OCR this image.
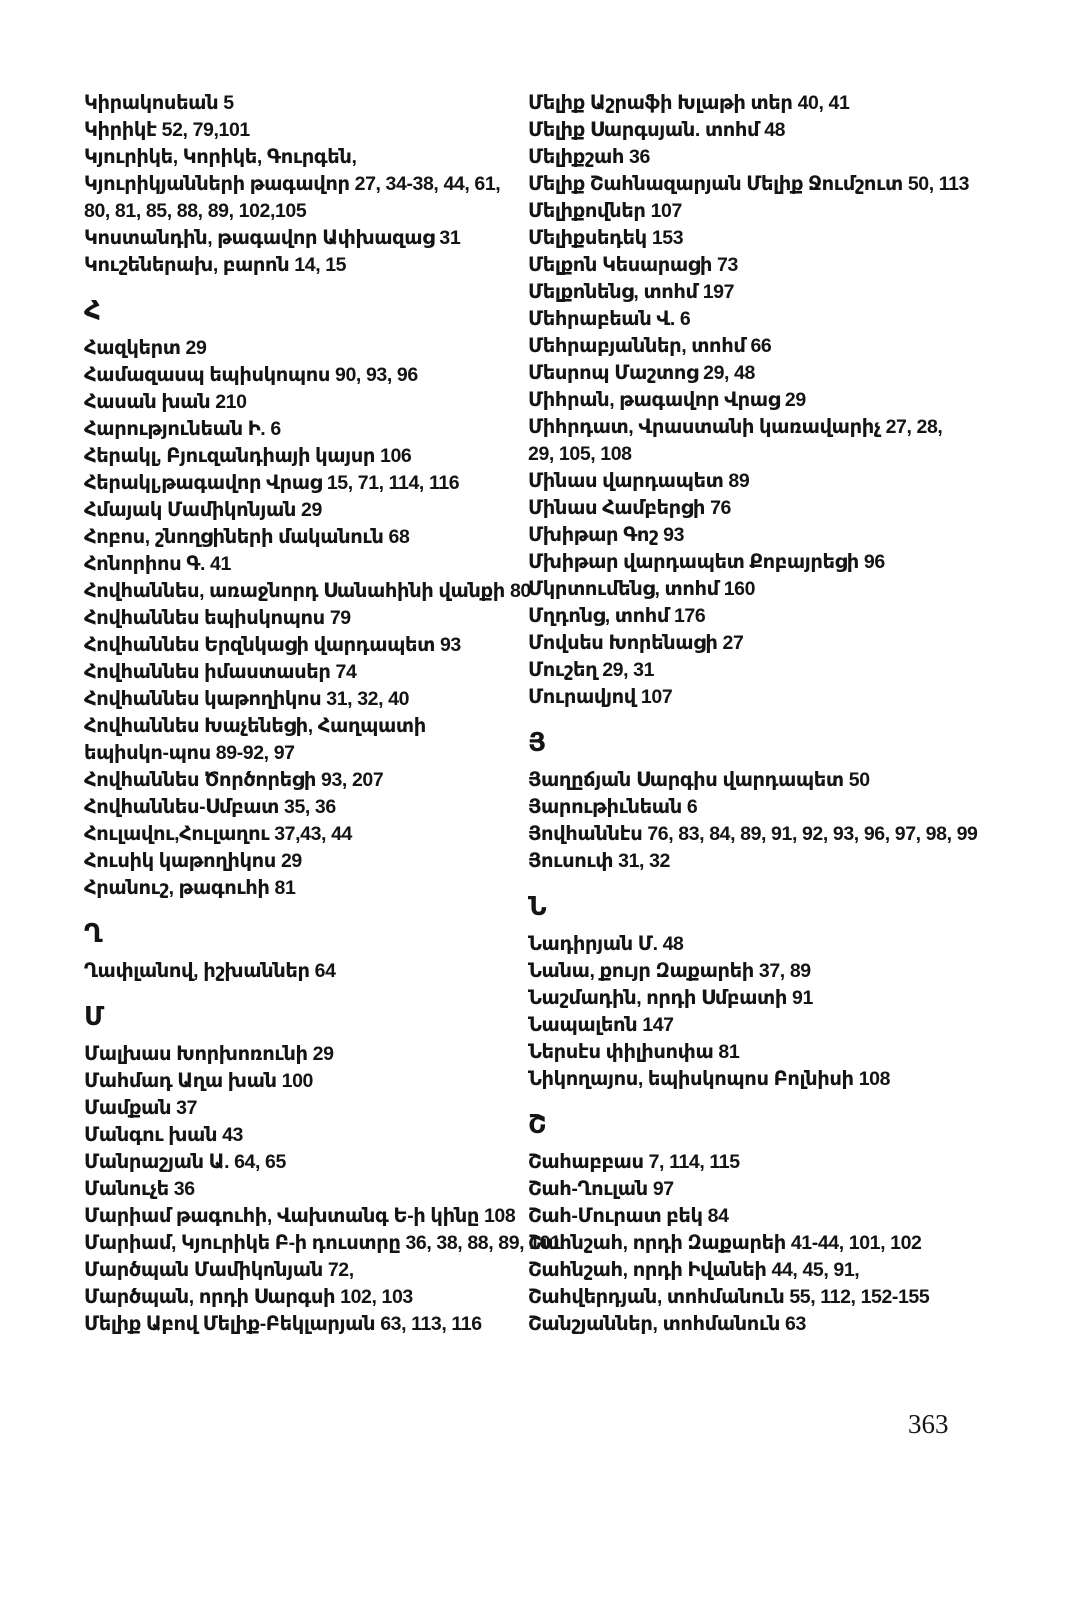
Կիրակոսեան 5
Կիրիկէ 52, 79,101
Կյուրիկե, Կորիկե, Գուրգեն, Կյուրիկյանների թագավոր 27, 34-38, 44, 61, 80, 81, 85, 88, 89, 102,105
Կոստանդին, թագավոր Ափխազաց 31
Կուշեներախ, բարոն 14, 15
Հ
Հազկերտ 29
Համազասպ եպիսկոպոս 90, 93, 96
Հասան խան 210
Հարությունեան Ի. 6
Հերակլ, Բյուզանդիայի կայսր 106
Հերակլ,թագավոր Վրաց 15, 71, 114, 116
Հմայակ Մամիկոնյան 29
Հոբոս, շնողցիների մականուն 68
Հոնորիոս Գ. 41
Հովհաննես, առաջնորդ Սանահինի վանքի 80
Հովհաննես եպիսկոպոս 79
Հովհաննես Երզնկացի վարդապետ 93
Հովհաննես իմաստասեր 74
Հովհաննես կաթողիկոս 31, 32, 40
Հովհաննես Խաչենեցի, Հաղպատի եպիսկո-պոս 89-92, 97
Հովհաննես Ծործորեցի 93, 207
Հովհաննես-Սմբատ 35, 36
Հուլավու,Հուլաղու 37,43, 44
Հուսիկ կաթողիկոս 29
Հրանուշ, թագուհի 81
Ղ
Ղափլանով, իշխաններ 64
Մ
Մալխաս Խորխոռունի 29
Մահմադ Աղա խան 100
Մամքան 37
Մանգու խան 43
Մանրաշյան Ա. 64, 65
Մանուչե 36
Մարիամ թագուհի, Վախտանգ Ե-ի կինը 108
Մարիամ, Կյուրիկե Բ-ի դուստրը 36, 38, 88, 89, 101
Մարծպան Մամիկոնյան 72,
Մարծպան, որդի Սարգսի 102, 103
Մելիք Աբով Մելիք-Բեկլարյան 63, 113, 116
Մելիք Աշրաֆի Խլաթի տեր 40, 41
Մելիք Սարգսյան. տոհմ 48
Մելիքշահ 36
Մելիք Շահնազարյան Մելիք Ջումշուտ 50, 113
Մելիքովներ 107
Մելիքսեդեկ 153
Մելքոն Կեսարացի 73
Մելքոնենց, տոհմ 197
Մեհրաբեան Վ. 6
Մեհրաբյաններ, տոհմ 66
Մեսրոպ Մաշտոց 29, 48
Միհրան, թագավոր Վրաց 29
Միհրդատ, Վրաստանի կառավարիչ 27, 28, 29, 105, 108
Մինաս վարդապետ 89
Մինաս Համբերցի 76
Մխիթար Գոշ 93
Մխիթար վարդապետ Քոբայրեցի 96
Մկրտումենց, տոհմ 160
Մղդոնց, տոհմ 176
Մովսես Խորենացի 27
Մուշեղ 29, 31
Մուրավյով 107
Յ
Յաղըճյան Սարգիս վարդապետ 50
Յարութիւնեան 6
Յովհաննէս 76, 83, 84, 89, 91, 92, 93, 96, 97, 98, 99
Յուսուփ 31, 32
Ն
Նադիրյան Մ. 48
Նանա, քույր Զաքարեի 37, 89
Նաշմադին, որդի Սմբատի 91
Նապալեոն 147
Ներսէս փիլիսոփա 81
Նիկողայոս, եպիսկոպոս Բոլնիսի 108
Շ
Շահաբբաս 7, 114, 115
Շահ-Ղուլան 97
Շահ-Մուրատ բեկ 84
Շահնշահ, որդի Զաքարեի 41-44, 101, 102
Շահնշահ, որդի Իվանեի 44, 45, 91,
Շահվերդյան, տոհմանուն 55, 112, 152-155
Շանշյաններ, տոհմանուն 63
363
